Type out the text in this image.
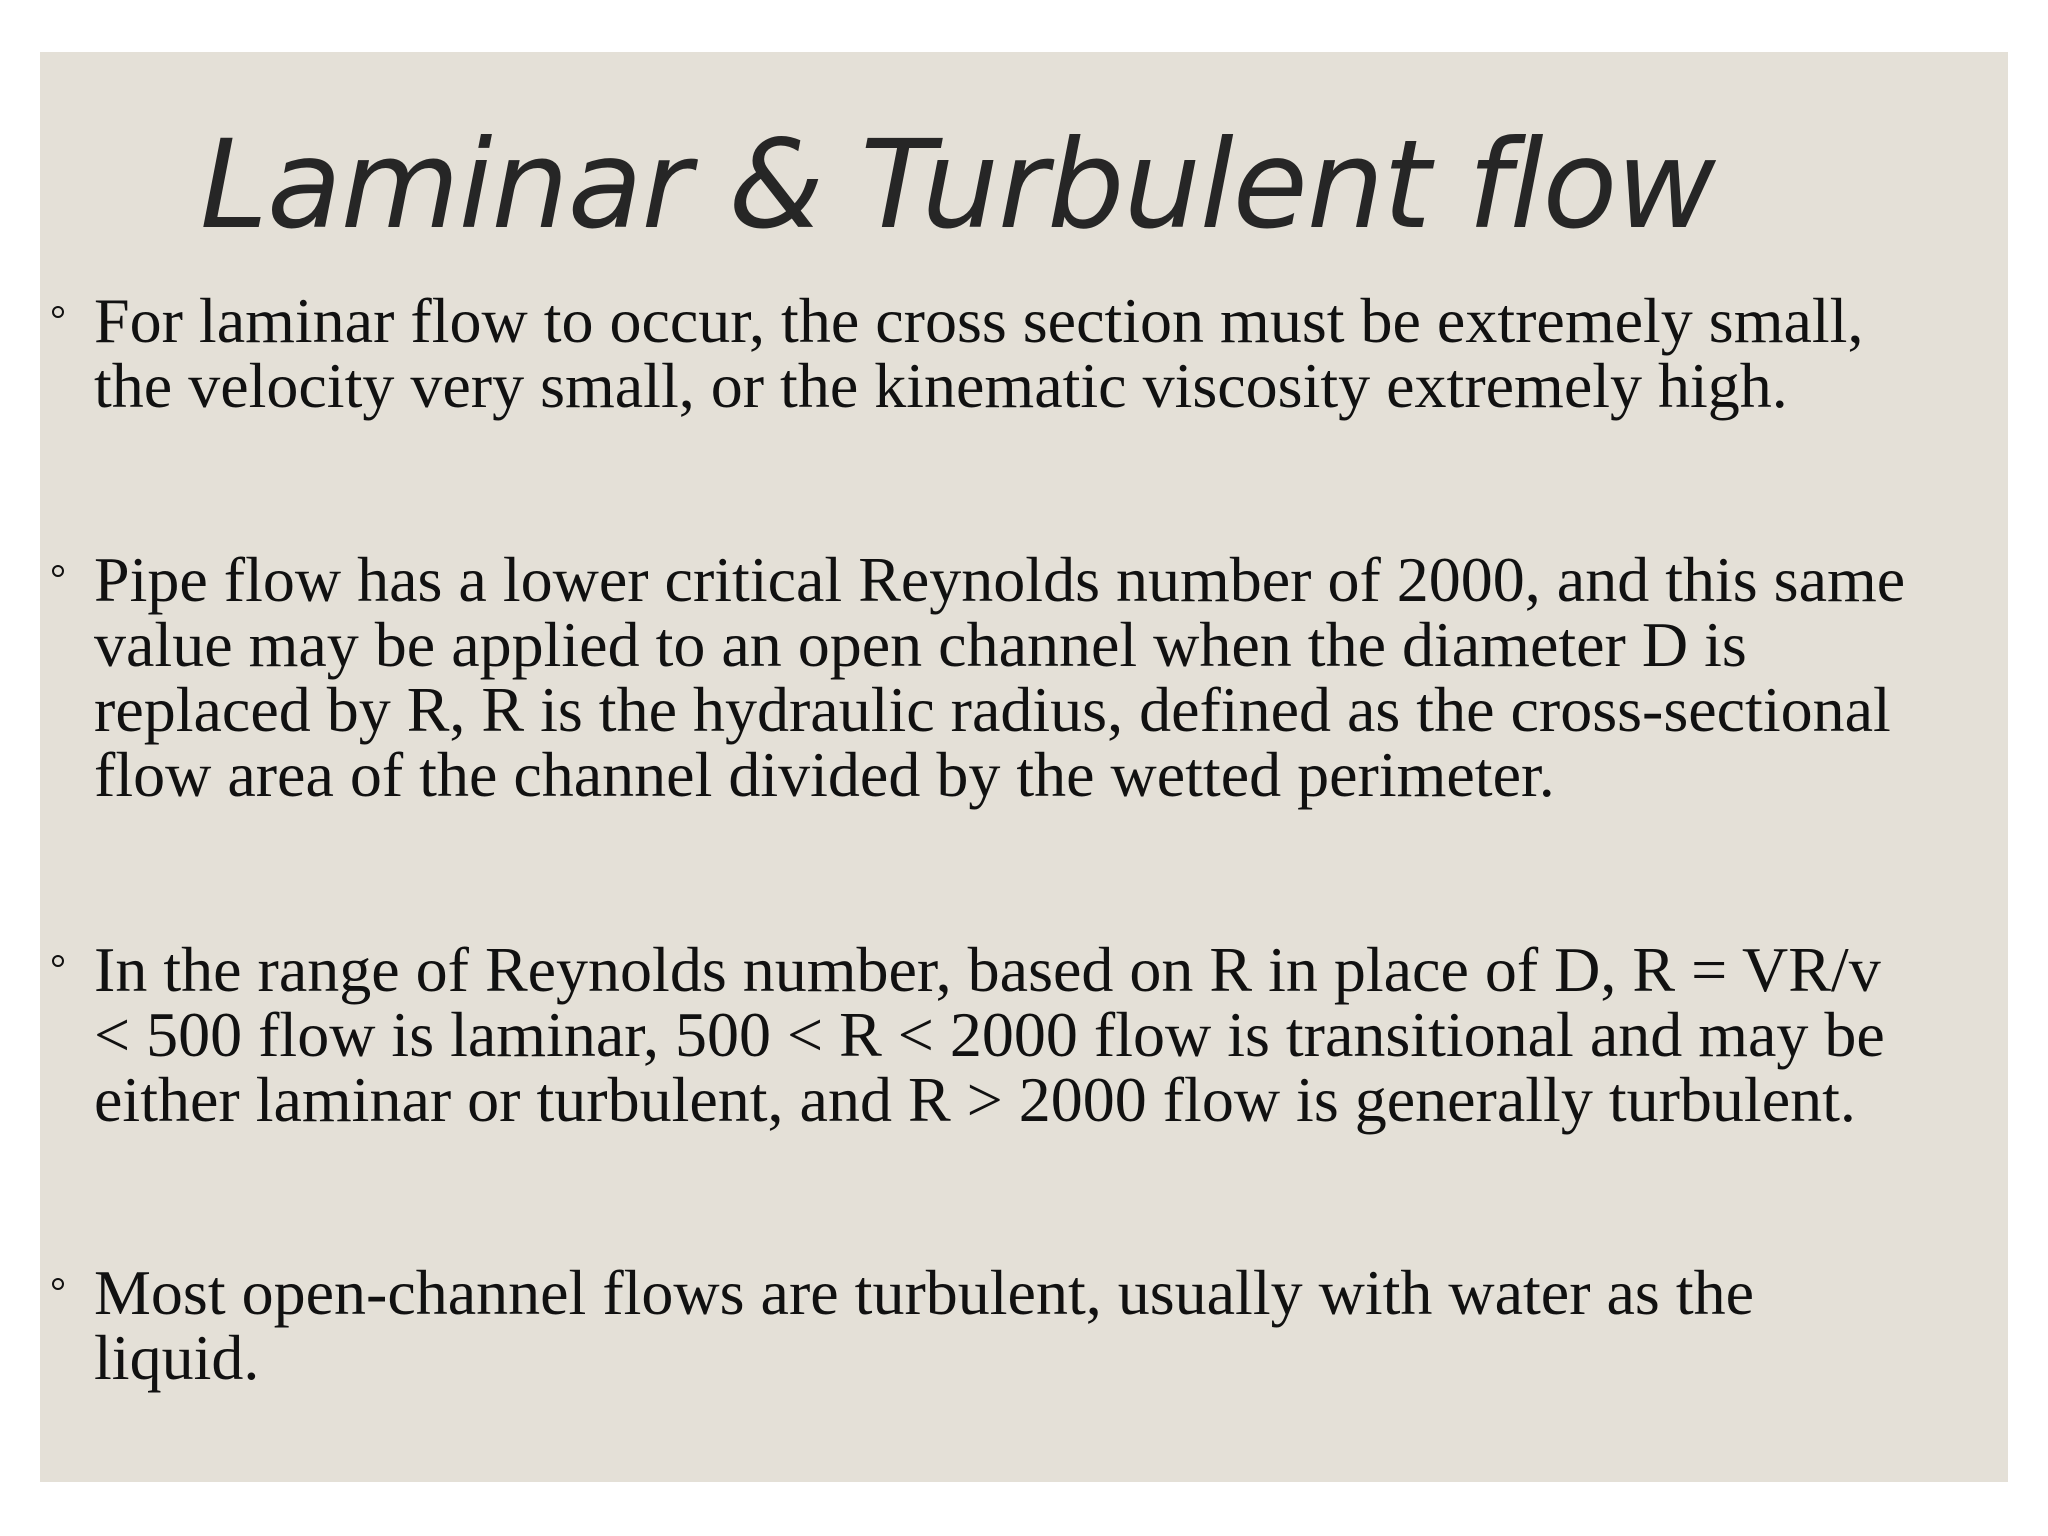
Laminar & Turbulent flow

For laminar flow to occur, the cross section must be extremely small,
the velocity very small, or the kinematic viscosity extremely high.

Pipe flow has a lower critical Reynolds number of 2000, and this same
value may be applied to an open channel when the diameter D is
replaced by R, R is the hydraulic radius, defined as the cross-sectional
flow area of the channel divided by the wetted perimeter.

In the range of Reynolds number, based on R in place of D, R = VR/v
< 500 flow is laminar, 500 < R < 2000 flow is transitional and may be
either laminar or turbulent, and R > 2000 flow is generally turbulent.

Most open-channel flows are turbulent, usually with water as the
liquid.
